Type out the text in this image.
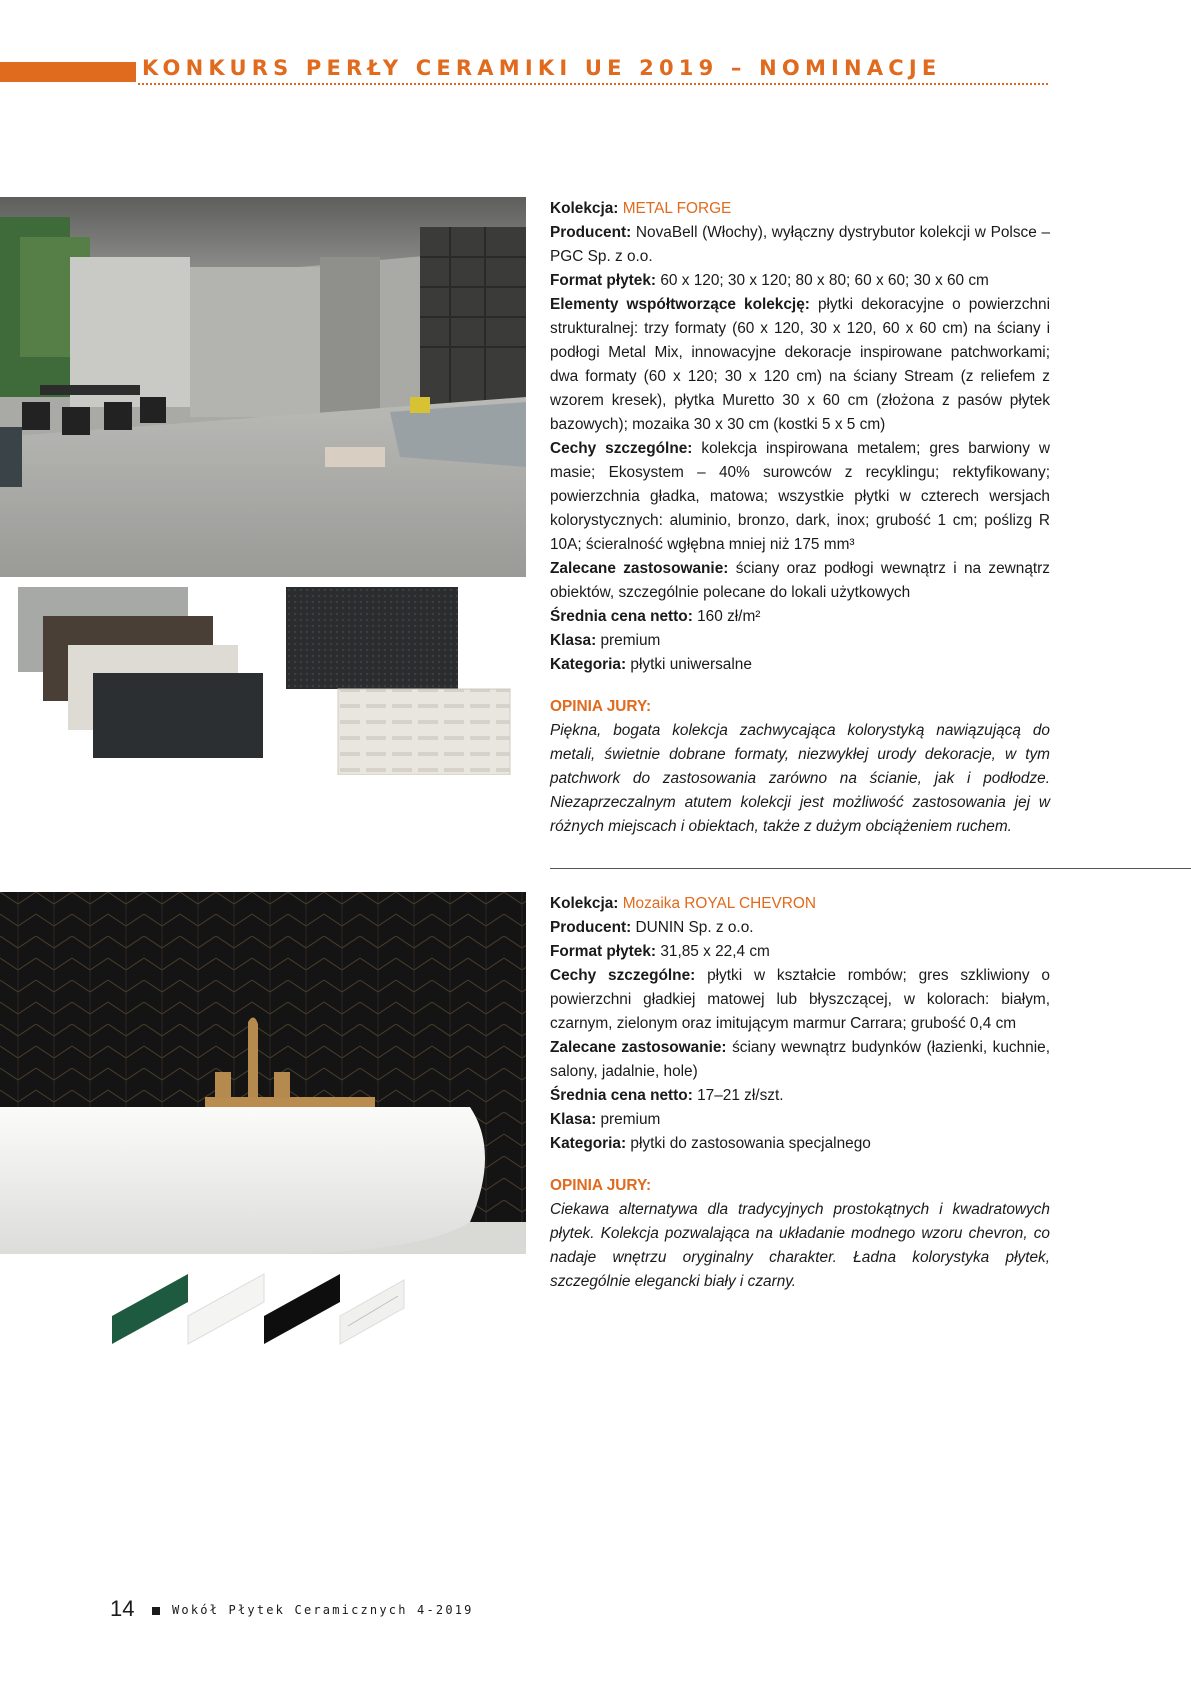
KONKURS PERŁY CERAMIKI UE 2019 – NOMINACJE

Kolekcja: METAL FORGE

Producent: NovaBell (Włochy), wyłączny dystrybutor kolekcji w Polsce – PGC Sp. z o.o.

Format płytek: 60 x 120; 30 x 120; 80 x 80; 60 x 60; 30 x 60 cm

Elementy współtworzące kolekcję: płytki dekoracyjne o powierzchni strukturalnej: trzy formaty (60 x 120, 30 x 120, 60 x 60 cm) na ściany i podłogi Metal Mix, innowacyjne dekoracje inspirowane patchworkami; dwa formaty (60 x 120; 30 x 120 cm) na ściany Stream (z reliefem z wzorem kresek), płytka Muretto 30 x 60 cm (złożona z pasów płytek bazowych); mozaika 30 x 30 cm (kostki 5 x 5 cm)

Cechy szczególne: kolekcja inspirowana metalem; gres barwiony w masie; Ekosystem – 40% surowców z recyklingu; rektyfikowany; powierzchnia gładka, matowa; wszystkie płytki w czterech wersjach kolorystycznych: aluminio, bronzo, dark, inox; grubość 1 cm; poślizg R 10A; ścieralność wgłębna mniej niż 175 mm³

Zalecane zastosowanie: ściany oraz podłogi wewnątrz i na zewnątrz obiektów, szczególnie polecane do lokali użytkowych

Średnia cena netto: 160 zł/m²

Klasa: premium

Kategoria: płytki uniwersalne

OPINIA JURY:

Piękna, bogata kolekcja zachwycająca kolorystyką nawiązującą do metali, świetnie dobrane formaty, niezwykłej urody dekoracje, w tym patchwork do zastosowania zarówno na ścianie, jak i podłodze. Niezaprzeczalnym atutem kolekcji jest możliwość zastosowania jej w różnych miejscach i obiektach, także z dużym obciążeniem ruchem.

Kolekcja: Mozaika ROYAL CHEVRON

Producent: DUNIN Sp. z o.o.

Format płytek: 31,85 x 22,4 cm

Cechy szczególne: płytki w kształcie rombów; gres szkliwiony o powierzchni gładkiej matowej lub błyszczącej, w kolorach: białym, czarnym, zielonym oraz imitującym marmur Carrara; grubość 0,4 cm

Zalecane zastosowanie: ściany wewnątrz budynków (łazienki, kuchnie, salony, jadalnie, hole)

Średnia cena netto: 17–21 zł/szt.

Klasa: premium

Kategoria: płytki do zastosowania specjalnego

OPINIA JURY:

Ciekawa alternatywa dla tradycyjnych prostokątnych i kwadratowych płytek. Kolekcja pozwalająca na układanie modnego wzoru chevron, co nadaje wnętrzu oryginalny charakter. Ładna kolorystyka płytek, szczególnie elegancki biały i czarny.

14	Wokół Płytek Ceramicznych 4-2019
